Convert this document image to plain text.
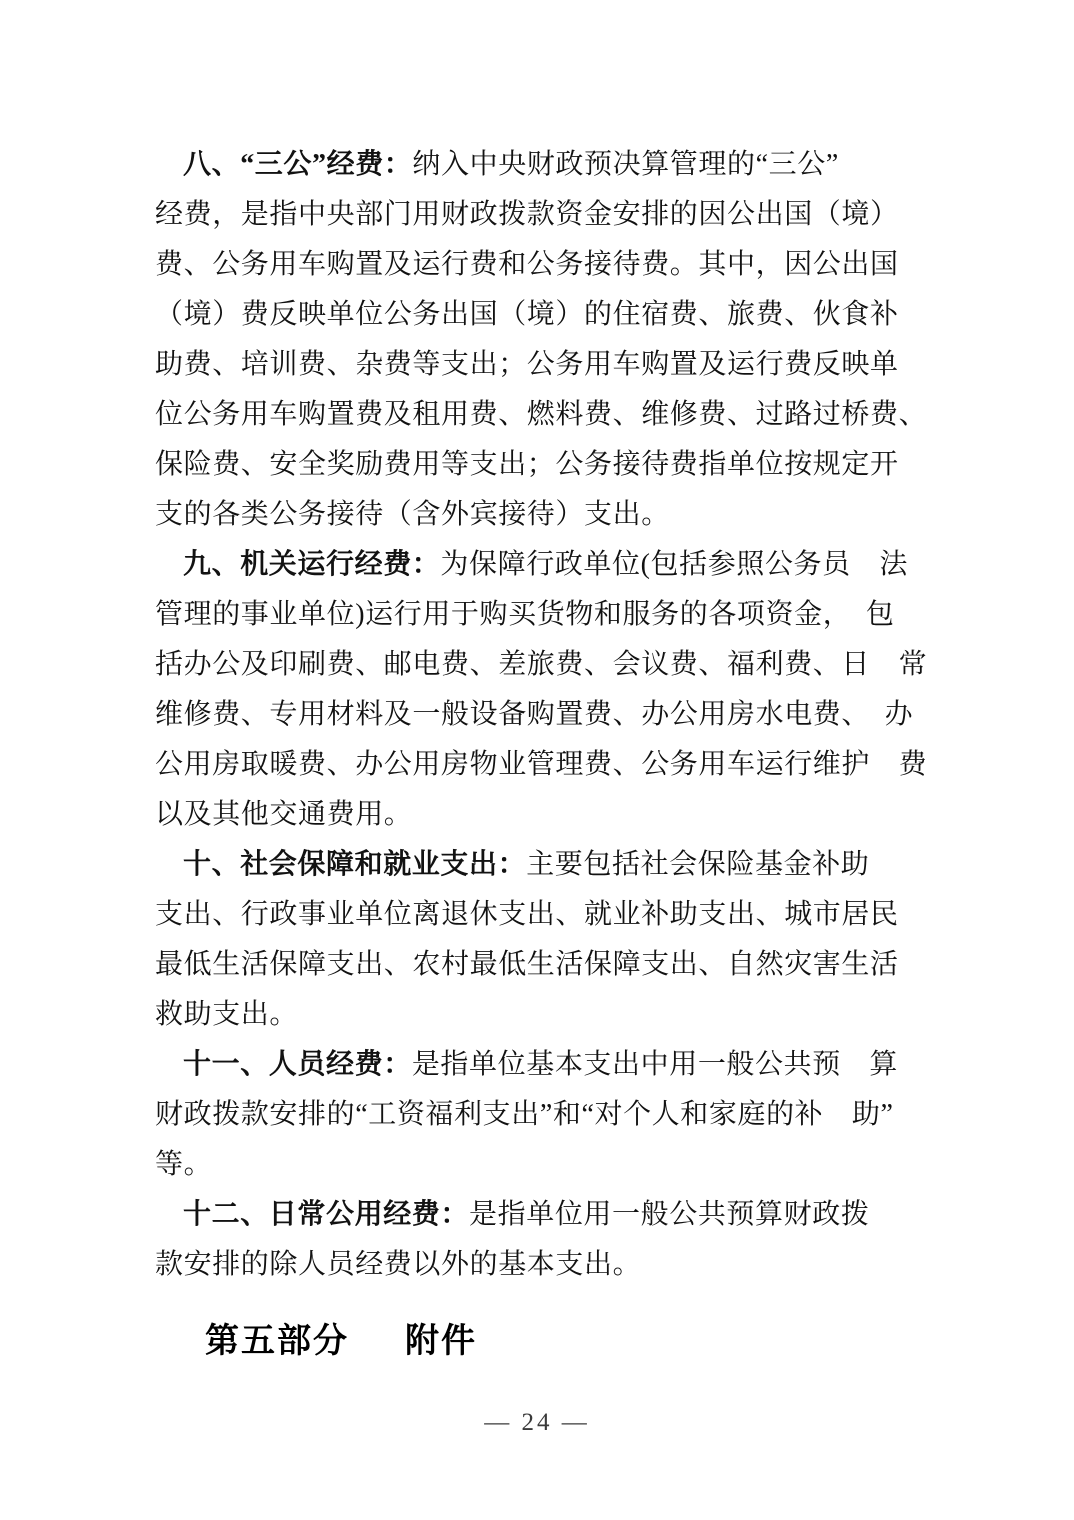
八、“三公”经费：纳入中央财政预决算管理的“三公”
经费，是指中央部门用财政拨款资金安排的因公出国（境）
费、公务用车购置及运行费和公务接待费。其中，因公出国
（境）费反映单位公务出国（境）的住宿费、旅费、伙食补
助费、培训费、杂费等支出；公务用车购置及运行费反映单
位公务用车购置费及租用费、燃料费、维修费、过路过桥费、
保险费、安全奖励费用等支出；公务接待费指单位按规定开
支的各类公务接待（含外宾接待）支出。
九、机关运行经费：为保障行政单位(包括参照公务员　法
管理的事业单位)运行用于购买货物和服务的各项资金，　包
括办公及印刷费、邮电费、差旅费、会议费、福利费、日　常
维修费、专用材料及一般设备购置费、办公用房水电费、　办
公用房取暖费、办公用房物业管理费、公务用车运行维护　费
以及其他交通费用。
十、社会保障和就业支出：主要包括社会保险基金补助
支出、行政事业单位离退休支出、就业补助支出、城市居民
最低生活保障支出、农村最低生活保障支出、自然灾害生活
救助支出。
十一、人员经费：是指单位基本支出中用一般公共预　算
财政拨款安排的“工资福利支出”和“对个人和家庭的补　助”
等。
十二、日常公用经费：是指单位用一般公共预算财政拨
款安排的除人员经费以外的基本支出。
第五部分 附件
— 24 —
